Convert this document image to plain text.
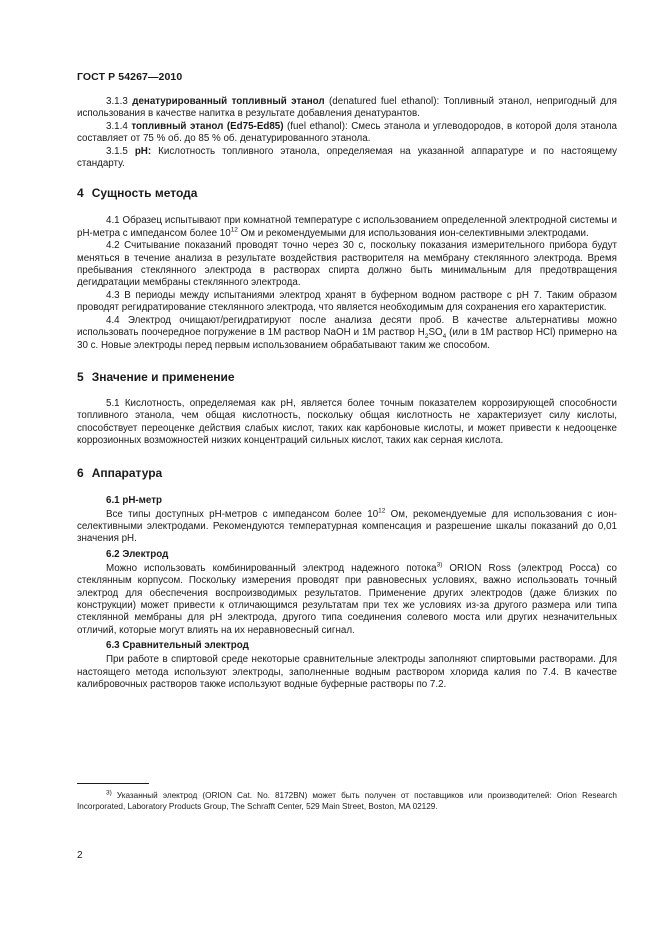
ГОСТ Р 54267—2010

3.1.3 денатурированный топливный этанол (denatured fuel ethanol): Топливный этанол, непригодный для использования в качестве напитка в результате добавления денатурантов.

3.1.4 топливный этанол (Ed75-Ed85) (fuel ethanol): Смесь этанола и углеводородов, в которой доля этанола составляет от 75 % об. до 85 % об. денатурированного этанола.

3.1.5 pH: Кислотность топливного этанола, определяемая на указанной аппаратуре и по настоящему стандарту.

4 Сущность метода

4.1 Образец испытывают при комнатной температуре с использованием определенной электродной системы и рН-метра с импедансом более $10^{12}$ Ом и рекомендуемыми для использования ион-селективными электродами.

4.2 Считывание показаний проводят точно через 30 с, поскольку показания измерительного прибора будут меняться в течение анализа в результате воздействия растворителя на мембрану стеклянного электрода. Время пребывания стеклянного электрода в растворах спирта должно быть минимальным для предотвращения дегидратации мембраны стеклянного электрода.

4.3 В периоды между испытаниями электрод хранят в буферном водном растворе с рН 7. Таким образом проводят регидратирование стеклянного электрода, что является необходимым для сохранения его характеристик.

4.4 Электрод очищают/регидратируют после анализа десяти проб. В качестве альтернативы можно использовать поочередное погружение в 1М раствор NaOH и 1М раствор $H_2SO_4$ (или в 1М раствор HCl) примерно на 30 с. Новые электроды перед первым использованием обрабатывают таким же способом.

5 Значение и применение

5.1 Кислотность, определяемая как рН, является более точным показателем коррозирующей способности топливного этанола, чем общая кислотность, поскольку общая кислотность не характеризует силу кислоты, способствует переоценке действия слабых кислот, таких как карбоновые кислоты, и может привести к недооценке коррозионных возможностей низких концентраций сильных кислот, таких как серная кислота.

6 Аппаратура
6.1 рН-метр

Все типы доступных рН-метров с импедансом более $10^{12}$ Ом, рекомендуемые для использования с ион-селективными электродами. Рекомендуются температурная компенсация и разрешение шкалы показаний до 0,01 значения рН.

6.2 Электрод

Можно использовать комбинированный электрод надежного потока$^{3)}$ ORION Ross (электрод Росса) со стеклянным корпусом. Поскольку измерения проводят при равновесных условиях, важно использовать точный электрод для обеспечения воспроизводимых результатов. Применение других электродов (даже близких по конструкции) может привести к отличающимся результатам при тех же условиях из-за другого размера или типа стеклянной мембраны для рН электрода, другого типа соединения солевого моста или других незначительных отличий, которые могут влиять на их неравновесный сигнал.

6.3 Сравнительный электрод

При работе в спиртовой среде некоторые сравнительные электроды заполняют спиртовыми растворами. Для настоящего метода используют электроды, заполненные водным раствором хлорида калия по 7.4. В качестве калибровочных растворов также используют водные буферные растворы по 7.2.

$^{3)}$ Указанный электрод (ORION Cat. No. 8172BN) может быть получен от поставщиков или производителей: Orion Research Incorporated, Laboratory Products Group, The Schrafft Center, 529 Main Street, Boston, MA 02129.
2
